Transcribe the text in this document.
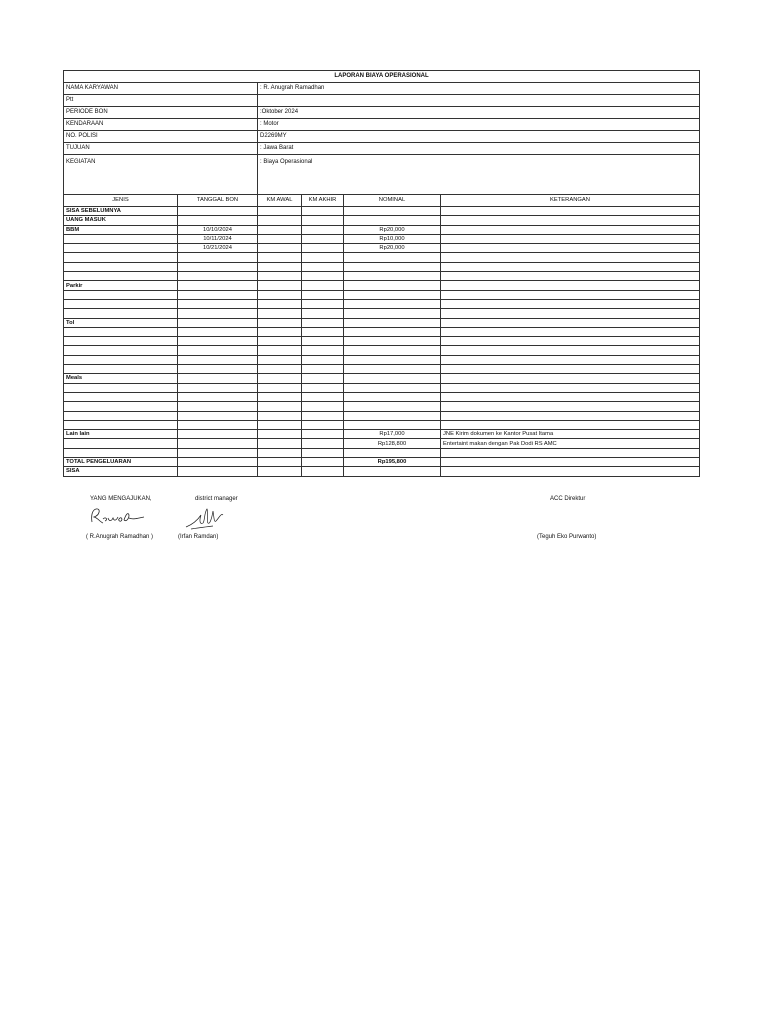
LAPORAN BIAYA OPERASIONAL	
NAMA KARYAWAN	: R. Anugrah Ramadhan
Ptt	
PERIODE BON	:Oktober 2024
KENDARAAN	: Motor
NO. POLISI	D2269MY
TUJUAN	: Jawa Barat
KEGIATAN	: Biaya Operasional
JENIS	TANGGAL BON	KM AWAL	KM AKHIR	NOMINAL	KETERANGAN
SISA SEBELUMNYA					
UANG MASUK					
BBM	10/10/2024			Rp20,000	
	10/11/2024			Rp10,000	
	10/21/2024			Rp20,000	

Parkir					

Tol					

Meals					

Lain lain				Rp17,000	JNE Kirim dokumen ke Kantor Pusat Itama
				Rp128,800	Entertaint makan dengan Pak Dodi RS AMC

TOTAL PENGELUARAN				Rp195,800	
SISA					
YANG MENGAJUKAN,	district manager	ACC Direktur
( R.Anugrah Ramadhan )	(Irfan Ramdan)	(Teguh Eko Purwanto)
